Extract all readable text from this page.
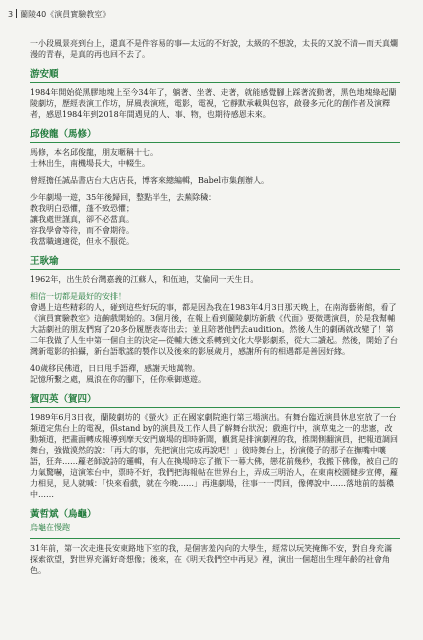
3 蘭陵40《演員實驗教室》

一小段風景亮到台上，還真不是件容易的事—太远的不好說，太級的不想說，太長的又說不清—而天真爛漫的青春，是真的再也回不去了。

游安順

1984年開始從黑膠地塊上至今34年了，躺著、坐著、走著，就能感覺腳上踩著流動著，黑色地塊綠起蘭陵劇坊，歷經表演工作坊，屏風表演班，電影，電視，它靜默承載與包容，啟發多元化的創作者及演釋者，感恩1984年到2018年間遇見的人、事、物，也期待感恩未來。

邱俊龍（馬修）

馬修，本名邱俊龍，朋友暱稱十七。

士林出生，南機場長大，中輟生。

曾經擔任誠品書店台大店店長，博客來總編輯，Babel市集創辦人。

少年劇場一遊，35年後歸回，整點半生，去蕪除穢：
教我明白恐懼，蓬不致恐懼；
讓我處世謹真，卻不必當真。
容我學會等待，而不會期待。
我當職適適從，但永不服從。

王耿瑜

1962年，出生於台灣嘉義的江蘇人，和伍迪，艾倫同一天生日。

相信一切都是最好的安排！

會遇上這些精彩的人，碰到這些好玩的事，都是因為我在1983年4月3日那天晚上，在南海藝術館，看了《演員實驗教室》這齣戲開始的。3個月後，在報上看到蘭陵劇坊新戲《代面》要徵選演員，於是我幫輔大話劇社的朋友們寫了20多份履歷表寄出去；並且陪著他們去audition。然後人生的劇碼就改變了！第二年我做了人生中第一個自主的決定—從輔大德文系轉到文化大學影劇系，從大二讀起。然後，開始了台灣新電影的拍攝，新台語歌謠的製作以及後來的影展歲月，感謝所有的相遇都是善因好緣。

40歲移民佛道，日日甩手語禪，感謝天地萬物。
記憶所繫之處，風浪在你的腳下，任你乘御遨遊。

賀四英（賀四）

1989年6月3日夜，蘭陵劇坊的《螢火》正在國家劇院進行第三場演出。有舞台臨近演員休息室放了一台頻道定焦台上的電視，俱stand by的演員及工作人員了解舞台狀況；戲進行中，演草鬼之一的悲憲，改動頻道，把畫面轉成報導到摩天安門廣場的即時新聞，觀賞是排演劇裡的我，推開側翻演員，把報道調回舞台，強做漠然的說：「再大的事，先把演出完成再說吧！」彼時舞台上，扮演傻子的那子在撫嘴中嚷語，狂奔……蘿老師說詩的邏輯，有人在換場時忘了撤下一幕大佛，戀花前幾秒，我搬下佛像，被自己的力氣驚嚇，這演笨台中，票時不好，我們把海報帖在世界台上，弄成三明治人，在東南校園健步宣傳，蘿力相見，見人就喊：「快來看戲，就在今晚……」再進劇場，往事一一閃回，像傳說中……落地前的蓊穠中……

黃哲斌（烏龜）
烏龜在慢跑

31年前，第一次走進長安東路地下室的我，是個害羞內向的大學生，經常以玩笑掩飾不安，對自身充滿探索欲望，對世界充滿好奇想像；後來，在《明天我們空中再見》裡，演出一個超出生理年齡的社會角色。
